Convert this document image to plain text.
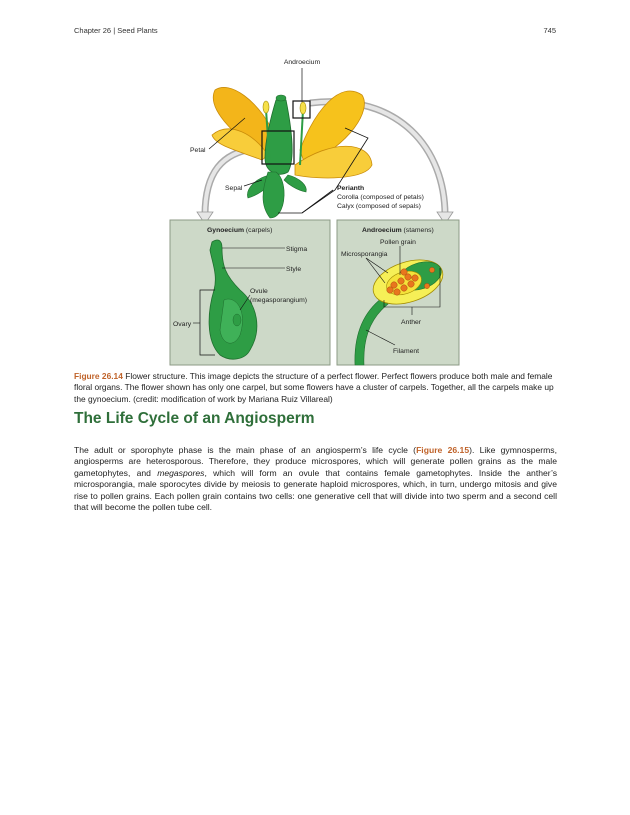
Chapter 26 | Seed Plants	745
Androecium
Petal
Sepal	Perianth
Corolla (composed of petals)
Calyx (composed of sepals)
Gynoecium (carpels)
Stigma
Style
Ovule
(megasporangium)
Ovary
Androecium (stamens)
Pollen grain
Microsporangia
Anther
Filament
Figure 26.14 Flower structure. This image depicts the structure of a perfect flower. Perfect flowers produce both male and female floral organs. The flower shown has only one carpel, but some flowers have a cluster of carpels. Together, all the carpels make up the gynoecium. (credit: modification of work by Mariana Ruiz Villareal)
The Life Cycle of an Angiosperm

The adult or sporophyte phase is the main phase of an angiosperm’s life cycle (Figure 26.15). Like gymnosperms, angiosperms are heterosporous. Therefore, they produce microspores, which will generate pollen grains as the male gametophytes, and megaspores, which will form an ovule that contains female gametophytes. Inside the anther’s microsporangia, male sporocytes divide by meiosis to generate haploid microspores, which, in turn, undergo mitosis and give rise to pollen grains. Each pollen grain contains two cells: one generative cell that will divide into two sperm and a second cell that will become the pollen tube cell.
